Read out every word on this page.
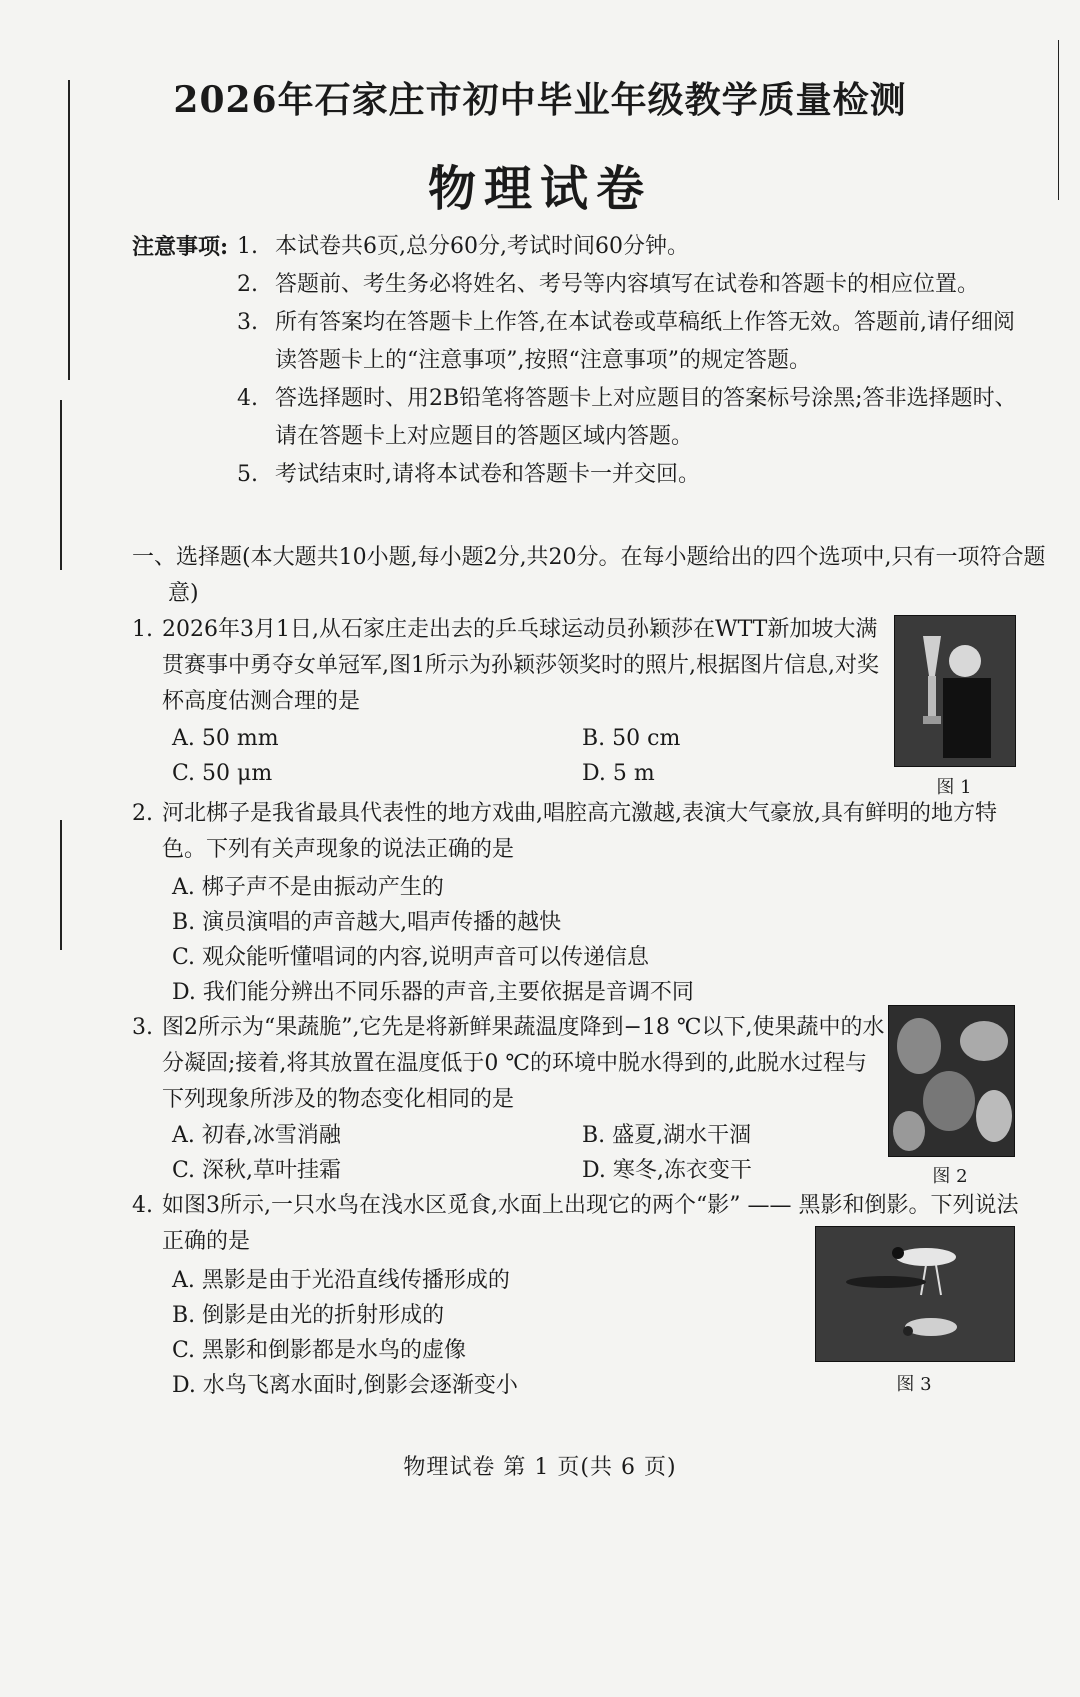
2026年石家庄市初中毕业年级教学质量检测
物理试卷
注意事项: 1. 本试卷共6页,总分60分,考试时间60分钟。
2. 答题前、考生务必将姓名、考号等内容填写在试卷和答题卡的相应位置。
3. 所有答案均在答题卡上作答,在本试卷或草稿纸上作答无效。答题前,请仔细阅读答题卡上的“注意事项”,按照“注意事项”的规定答题。
4. 答选择题时、用2B铅笔将答题卡上对应题目的答案标号涂黑;答非选择题时、请在答题卡上对应题目的答题区域内答题。
5. 考试结束时,请将本试卷和答题卡一并交回。
一、选择题(本大题共10小题,每小题2分,共20分。在每小题给出的四个选项中,只有一项符合题意)
1. 2026年3月1日,从石家庄走出去的乒乓球运动员孙颖莎在WTT新加坡大满贯赛事中勇夺女单冠军,图1所示为孙颖莎领奖时的照片,根据图片信息,对奖杯高度估测合理的是
A. 50 mm	B. 50 cm
C. 50 μm	D. 5 m
图 1
2. 河北梆子是我省最具代表性的地方戏曲,唱腔高亢激越,表演大气豪放,具有鲜明的地方特色。下列有关声现象的说法正确的是
A. 梆子声不是由振动产生的
B. 演员演唱的声音越大,唱声传播的越快
C. 观众能听懂唱词的内容,说明声音可以传递信息
D. 我们能分辨出不同乐器的声音,主要依据是音调不同
3. 图2所示为“果蔬脆”,它先是将新鲜果蔬温度降到−18 ℃以下,使果蔬中的水分凝固;接着,将其放置在温度低于0 ℃的环境中脱水得到的,此脱水过程与下列现象所涉及的物态变化相同的是
A. 初春,冰雪消融	B. 盛夏,湖水干涸
C. 深秋,草叶挂霜	D. 寒冬,冻衣变干	图 2
4. 如图3所示,一只水鸟在浅水区觅食,水面上出现它的两个“影” —— 黑影和倒影。下列说法正确的是
A. 黑影是由于光沿直线传播形成的
B. 倒影是由光的折射形成的
C. 黑影和倒影都是水鸟的虚像
D. 水鸟飞离水面时,倒影会逐渐变小	图 3
物理试卷 第 1 页(共 6 页)
